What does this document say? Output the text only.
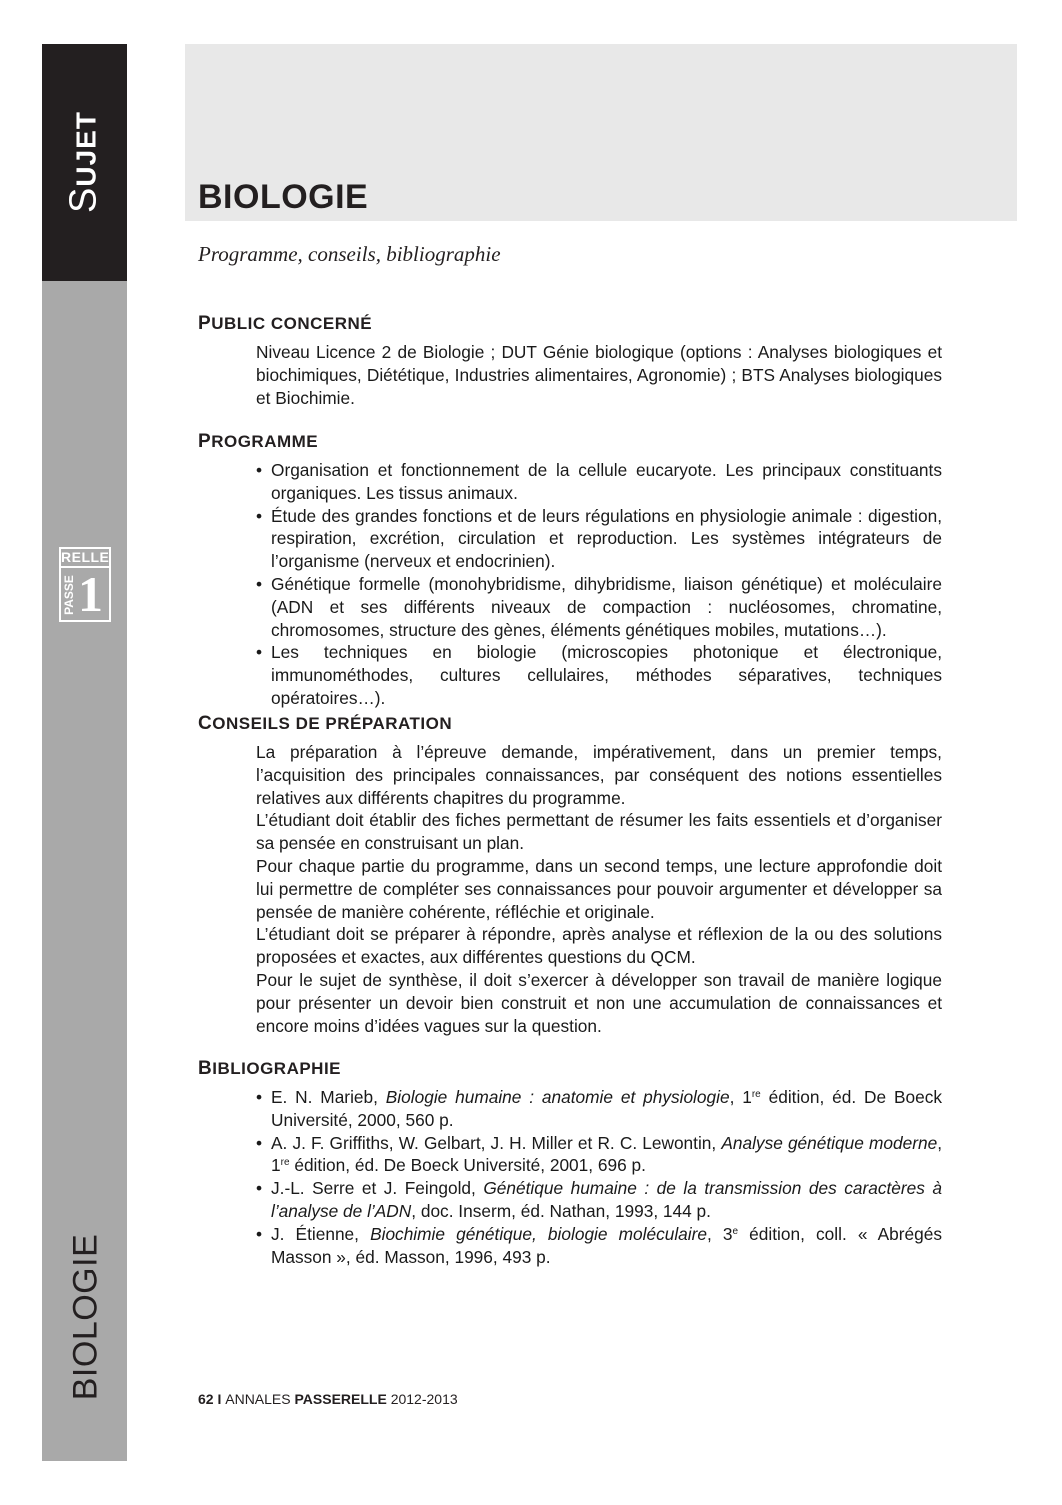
SUJET
RELLE
PASSE 1
BIOLOGIE
BIOLOGIE
Programme, conseils, bibliographie
PUBLIC CONCERNÉ

Niveau Licence 2 de Biologie ; DUT Génie biologique (options : Analyses biologiques et biochimiques, Diététique, Industries alimentaires, Agronomie) ; BTS Analyses biologiques et Biochimie.

PROGRAMME
• Organisation et fonctionnement de la cellule eucaryote. Les principaux constituants organiques. Les tissus animaux.
• Étude des grandes fonctions et de leurs régulations en physiologie animale : digestion, respiration, excrétion, circulation et reproduction. Les systèmes intégrateurs de l’organisme (nerveux et endocrinien).
• Génétique formelle (monohybridisme, dihybridisme, liaison génétique) et moléculaire (ADN et ses différents niveaux de compaction : nucléosomes, chromatine, chromosomes, structure des gènes, éléments génétiques mobiles, mutations…).
• Les techniques en biologie (microscopies photonique et électronique, immunométhodes, cultures cellulaires, méthodes séparatives, techniques opératoires…).
CONSEILS DE PRÉPARATION

La préparation à l’épreuve demande, impérativement, dans un premier temps, l’acquisition des principales connaissances, par conséquent des notions essentielles relatives aux différents chapitres du programme.

L’étudiant doit établir des fiches permettant de résumer les faits essentiels et d’organiser sa pensée en construisant un plan.

Pour chaque partie du programme, dans un second temps, une lecture approfondie doit lui permettre de compléter ses connaissances pour pouvoir argumenter et développer sa pensée de manière cohérente, réfléchie et originale.

L’étudiant doit se préparer à répondre, après analyse et réflexion de la ou des solutions proposées et exactes, aux différentes questions du QCM.

Pour le sujet de synthèse, il doit s’exercer à développer son travail de manière logique pour présenter un devoir bien construit et non une accumulation de connaissances et encore moins d’idées vagues sur la question.

BIBLIOGRAPHIE
• E. N. Marieb, Biologie humaine : anatomie et physiologie, 1re édition, éd. De Boeck Université, 2000, 560 p.
• A. J. F. Griffiths, W. Gelbart, J. H. Miller et R. C. Lewontin, Analyse génétique moderne, 1re édition, éd. De Boeck Université, 2001, 696 p.
• J.-L. Serre et J. Feingold, Génétique humaine : de la transmission des caractères à l’analyse de l’ADN, doc. Inserm, éd. Nathan, 1993, 144 p.
• J. Étienne, Biochimie génétique, biologie moléculaire, 3e édition, coll. « Abrégés Masson », éd. Masson, 1996, 493 p.
62 I ANNALES PASSERELLE 2012-2013
